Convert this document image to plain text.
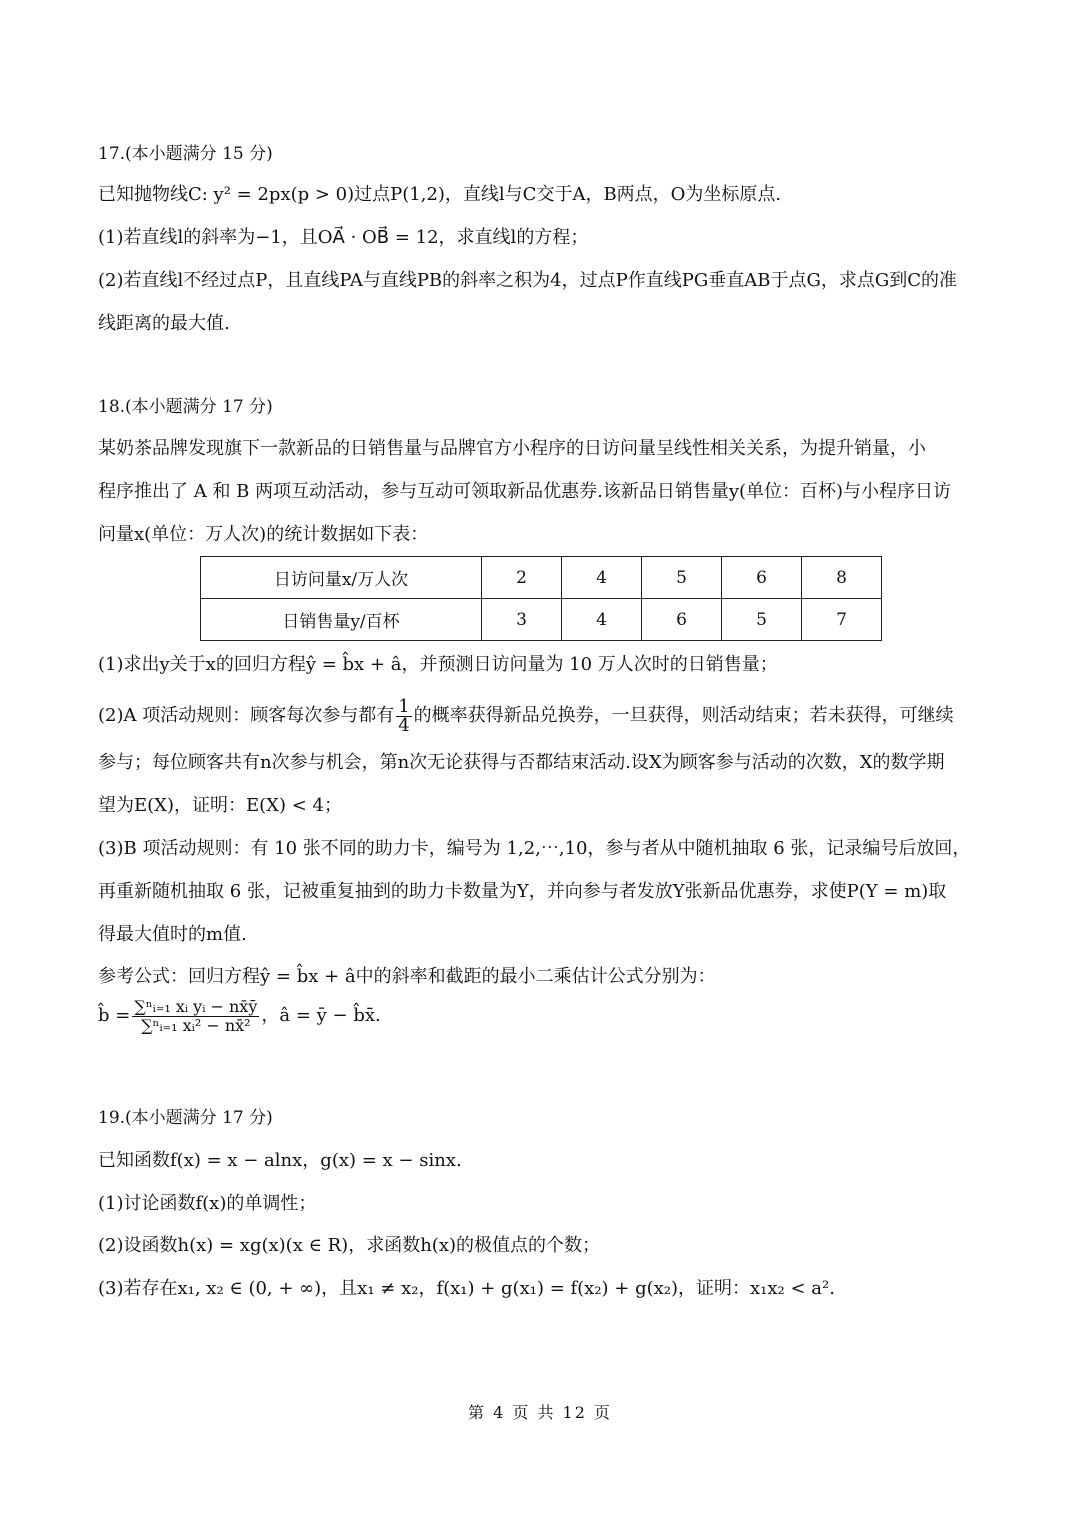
17.(本小题满分 15 分)
已知抛物线C: y² = 2px(p > 0)过点P(1,2)，直线l与C交于A，B两点，O为坐标原点.
(1)若直线l的斜率为−1，且OA⃗ · OB⃗ = 12，求直线l的方程；
(2)若直线l不经过点P，且直线PA与直线PB的斜率之积为4，过点P作直线PG垂直AB于点G，求点G到C的准
线距离的最大值.
18.(本小题满分 17 分)
某奶茶品牌发现旗下一款新品的日销售量与品牌官方小程序的日访问量呈线性相关关系，为提升销量，小
程序推出了 A 和 B 两项互动活动，参与互动可领取新品优惠券.该新品日销售量y(单位：百杯)与小程序日访
问量x(单位：万人次)的统计数据如下表：
日访问量x/万人次	2	4	5	6	8
日销售量y/百杯	3	4	6	5	7
(1)求出y关于x的回归方程ŷ = b̂x + â，并预测日访问量为 10 万人次时的日销售量；
(2)A 项活动规则：顾客每次参与都有 $\frac{1}{4}$ 的概率获得新品兑换券，一旦获得，则活动结束；若未获得，可继续
参与；每位顾客共有n次参与机会，第n次无论获得与否都结束活动.设X为顾客参与活动的次数，X的数学期
望为E(X)，证明：E(X) < 4；
(3)B 项活动规则：有 10 张不同的助力卡，编号为 1,2,⋯,10，参与者从中随机抽取 6 张，记录编号后放回，
再重新随机抽取 6 张，记被重复抽到的助力卡数量为Y，并向参与者发放Y张新品优惠券，求使P(Y = m)取
得最大值时的m值.
参考公式：回归方程ŷ = b̂x + â中的斜率和截距的最小二乘估计公式分别为：
b̂ = $\frac{\text{∑ⁿᵢ₌₁ xᵢ yᵢ − nx̄ȳ}}{\text{∑ⁿᵢ₌₁ xᵢ² − nx̄²}}$ ，â = ȳ − b̂x̄.
19.(本小题满分 17 分)
已知函数f(x) = x − alnx，g(x) = x − sinx.
(1)讨论函数f(x)的单调性；
(2)设函数h(x) = xg(x)(x ∈ R)，求函数h(x)的极值点的个数；
(3)若存在x₁, x₂ ∈ (0, + ∞)，且x₁ ≠ x₂，f(x₁) + g(x₁) = f(x₂) + g(x₂)，证明：x₁x₂ < a².
第 4 页 共 12 页
